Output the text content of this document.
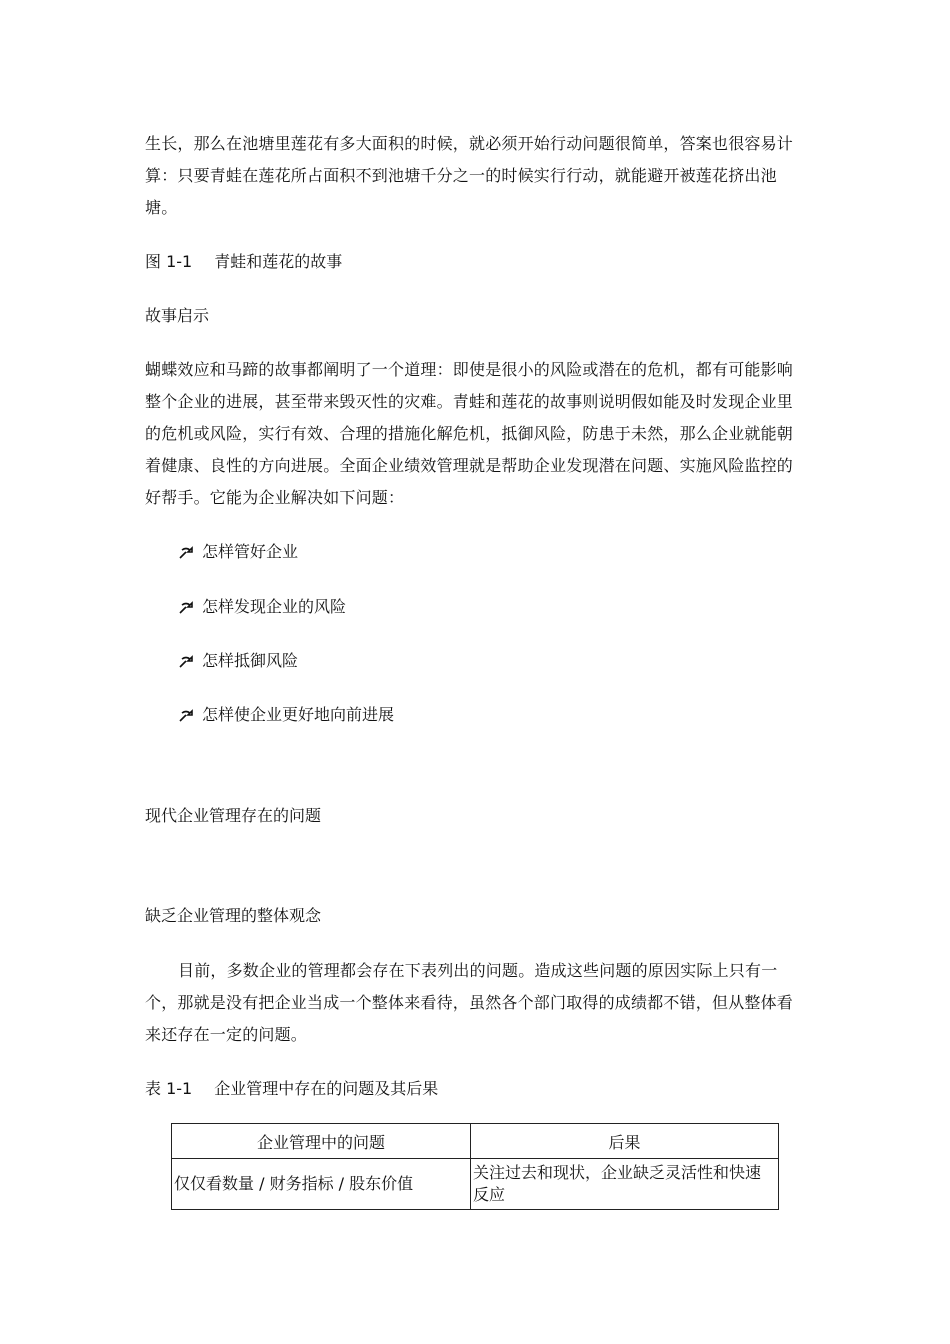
生长，那么在池塘里莲花有多大面积的时候，就必须开始行动问题很简单，答案也很容易计算：只要青蛙在莲花所占面积不到池塘千分之一的时候实行行动，就能避开被莲花挤出池塘。

图 1-1 青蛙和莲花的故事
故事启示

蝴蝶效应和马蹄的故事都阐明了一个道理：即使是很小的风险或潜在的危机，都有可能影响整个企业的进展，甚至带来毁灭性的灾难。青蛙和莲花的故事则说明假如能及时发现企业里的危机或风险，实行有效、合理的措施化解危机，抵御风险，防患于未然，那么企业就能朝着健康、良性的方向进展。全面企业绩效管理就是帮助企业发现潜在问题、实施风险监控的好帮手。它能为企业解决如下问题：

怎样管好企业
怎样发现企业的风险
怎样抵御风险
怎样使企业更好地向前进展
现代企业管理存在的问题
缺乏企业管理的整体观念

目前，多数企业的管理都会存在下表列出的问题。造成这些问题的原因实际上只有一个，那就是没有把企业当成一个整体来看待，虽然各个部门取得的成绩都不错，但从整体看来还存在一定的问题。

表 1-1 企业管理中存在的问题及其后果
企业管理中的问题	后果
仅仅看数量 / 财务指标 / 股东价值	关注过去和现状，企业缺乏灵活性和快速反应
